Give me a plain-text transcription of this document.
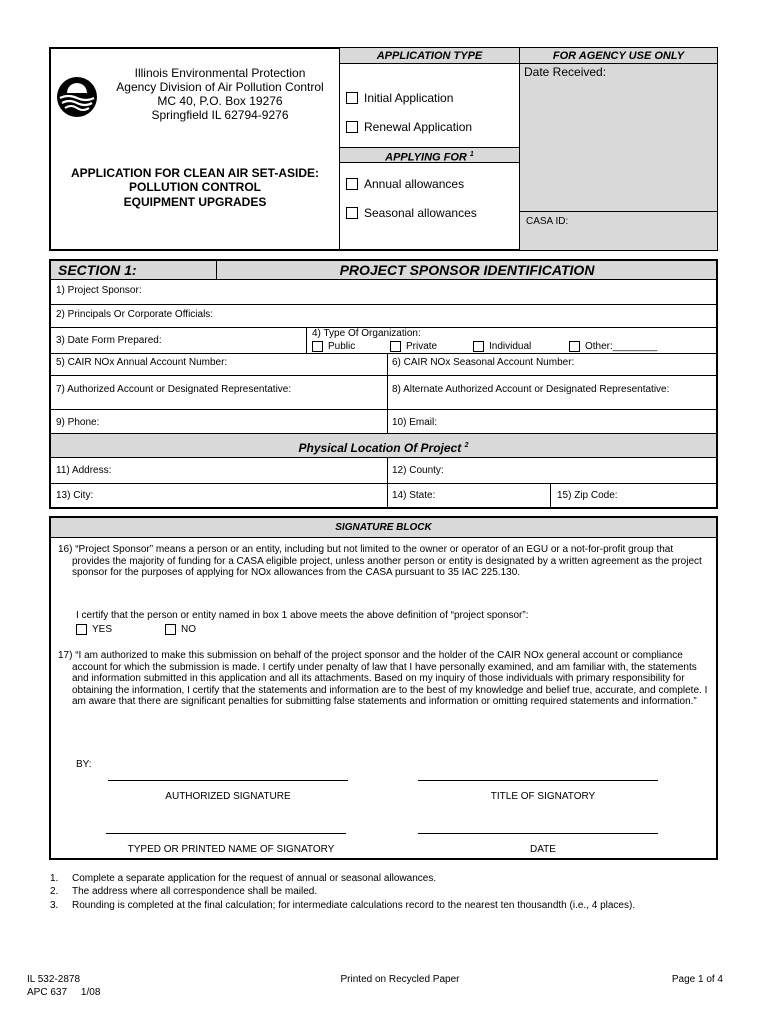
Illinois Environmental Protection
Agency Division of Air Pollution Control
MC 40, P.O. Box 19276
Springfield IL 62794-9276
APPLICATION FOR CLEAN AIR SET-ASIDE:
POLLUTION CONTROL
EQUIPMENT UPGRADES
APPLICATION TYPE
Initial Application
Renewal Application
APPLYING FOR $^1$
Annual allowances
Seasonal allowances
FOR AGENCY USE ONLY
Date Received:
CASA ID:
SECTION 1:	PROJECT SPONSOR IDENTIFICATION
1) Project Sponsor:
2) Principals Or Corporate Officials:
3) Date Form Prepared:
4) Type Of Organization:
Public	Private	Individual	Other:________
5) CAIR NOx Annual Account Number:	6) CAIR NOx Seasonal Account Number:
7) Authorized Account or Designated Representative:	8) Alternate Authorized Account or Designated Representative:
9) Phone:	10) Email:
Physical Location Of Project $^2$
11) Address:	12) County:
13) City:	14) State:	15) Zip Code:
SIGNATURE BLOCK
16) “Project Sponsor” means a person or an entity, including but not limited to the owner or operator of an EGU or a not-for-profit group that provides the majority of funding for a CASA eligible project, unless another person or entity is designated by a written agreement as the project sponsor for the purposes of applying for NOx allowances from the CASA pursuant to 35 IAC 225.130.
I certify that the person or entity named in box 1 above meets the above definition of “project sponsor”:
YES	NO
17) “I am authorized to make this submission on behalf of the project sponsor and the holder of the CAIR NOx general account or compliance account for which the submission is made. I certify under penalty of law that I have personally examined, and am familiar with, the statements and information submitted in this application and all its attachments. Based on my inquiry of those individuals with primary responsibility for obtaining the information, I certify that the statements and information are to the best of my knowledge and belief true, accurate, and complete. I am aware that there are significant penalties for submitting false statements and information or omitting required statements and information.”
BY:
AUTHORIZED SIGNATURE	TITLE OF SIGNATORY
TYPED OR PRINTED NAME OF SIGNATORY	DATE
1. Complete a separate application for the request of annual or seasonal allowances.
2. The address where all correspondence shall be mailed.
3. Rounding is completed at the final calculation; for intermediate calculations record to the nearest ten thousandth (i.e., 4 places).
IL 532-2878
APC 637     1/08
Printed on Recycled Paper	Page 1 of 4
